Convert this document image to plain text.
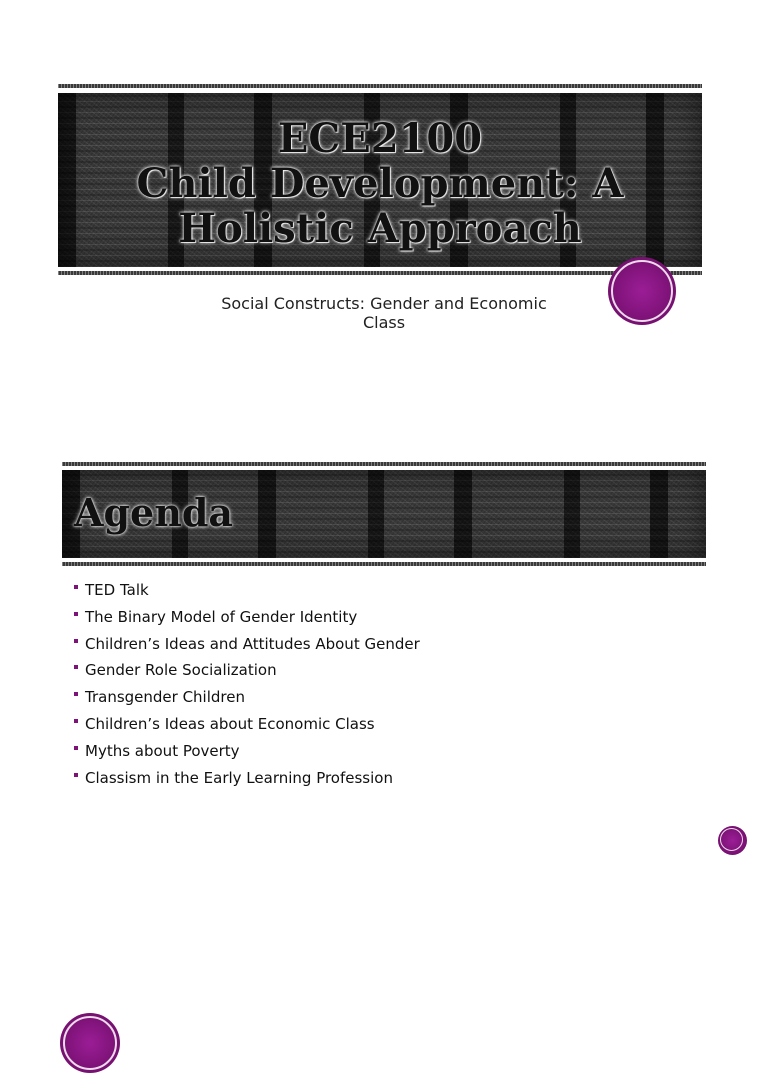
ECE2100
Child Development: A
Holistic Approach
Social Constructs: Gender and Economic
Class
Agenda
TED Talk
The Binary Model of Gender Identity
Children’s Ideas and Attitudes About Gender
Gender Role Socialization
Transgender Children
Children’s Ideas about Economic Class
Myths about Poverty
Classism in the Early Learning Profession
